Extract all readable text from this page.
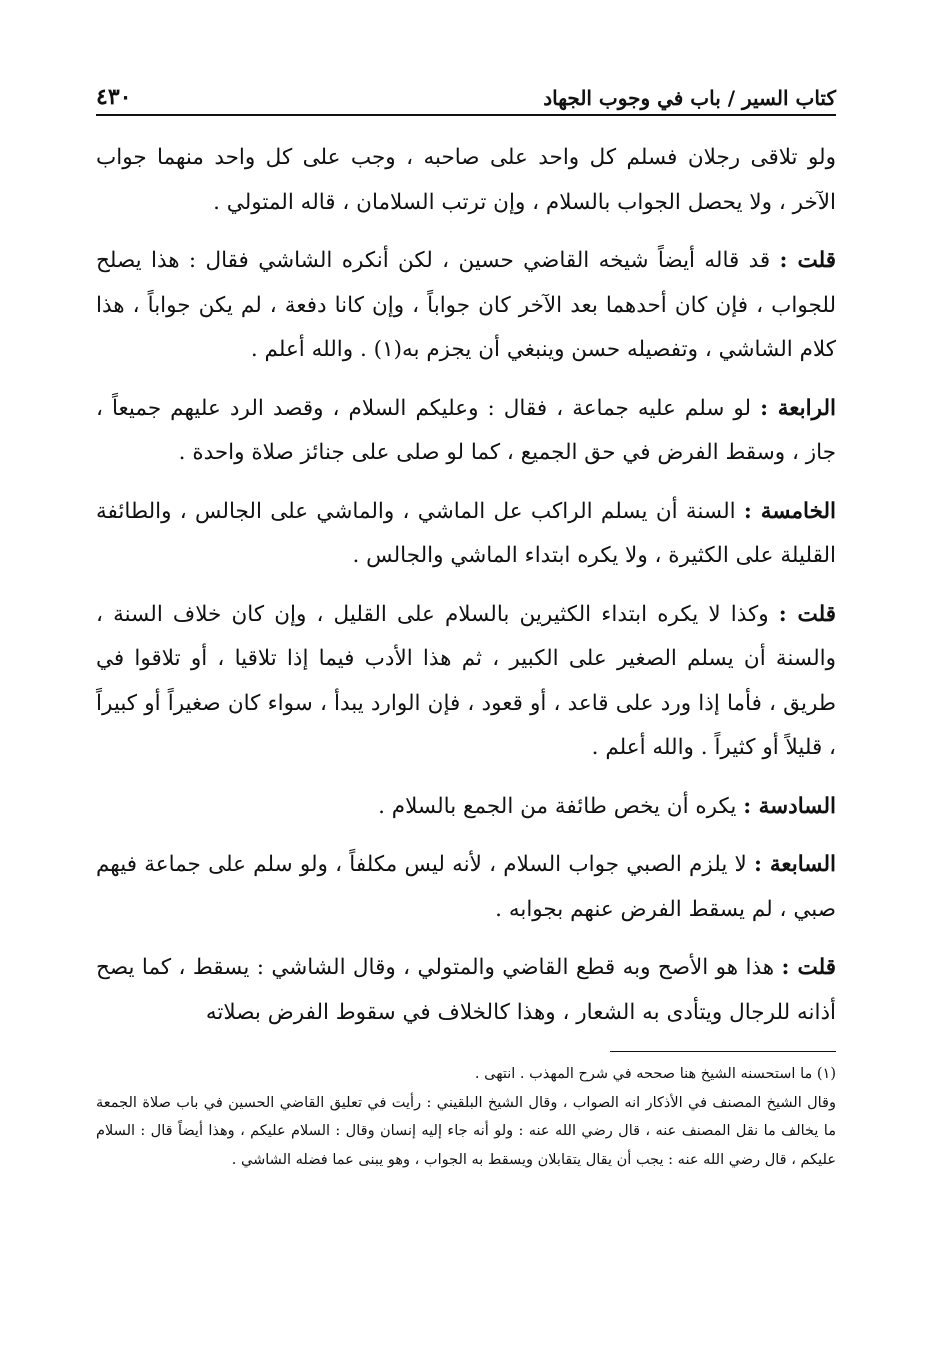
كتاب السير / باب في وجوب الجهاد
٤٣٠

ولو تلاقى رجلان فسلم كل واحد على صاحبه ، وجب على كل واحد منهما جواب الآخر ، ولا يحصل الجواب بالسلام ، وإن ترتب السلامان ، قاله المتولي .

قلت : قد قاله أيضاً شيخه القاضي حسين ، لكن أنكره الشاشي فقال : هذا يصلح للجواب ، فإن كان أحدهما بعد الآخر كان جواباً ، وإن كانا دفعة ، لم يكن جواباً ، هذا كلام الشاشي ، وتفصيله حسن وينبغي أن يجزم به(١) . والله أعلم .

الرابعة : لو سلم عليه جماعة ، فقال : وعليكم السلام ، وقصد الرد عليهم جميعاً ، جاز ، وسقط الفرض في حق الجميع ، كما لو صلى على جنائز صلاة واحدة .

الخامسة : السنة أن يسلم الراكب عل الماشي ، والماشي على الجالس ، والطائفة القليلة على الكثيرة ، ولا يكره ابتداء الماشي والجالس .

قلت : وكذا لا يكره ابتداء الكثيرين بالسلام على القليل ، وإن كان خلاف السنة ، والسنة أن يسلم الصغير على الكبير ، ثم هذا الأدب فيما إذا تلاقيا ، أو تلاقوا في طريق ، فأما إذا ورد على قاعد ، أو قعود ، فإن الوارد يبدأ ، سواء كان صغيراً أو كبيراً ، قليلاً أو كثيراً . والله أعلم .

السادسة : يكره أن يخص طائفة من الجمع بالسلام .

السابعة : لا يلزم الصبي جواب السلام ، لأنه ليس مكلفاً ، ولو سلم على جماعة فيهم صبي ، لم يسقط الفرض عنهم بجوابه .

قلت : هذا هو الأصح وبه قطع القاضي والمتولي ، وقال الشاشي : يسقط ، كما يصح أذانه للرجال ويتأدى به الشعار ، وهذا كالخلاف في سقوط الفرض بصلاته

(١) ما استحسنه الشيخ هنا صححه في شرح المهذب . انتهى .

وقال الشيخ المصنف في الأذكار انه الصواب ، وقال الشيخ البلقيني : رأيت في تعليق القاضي الحسين في باب صلاة الجمعة ما يخالف ما نقل المصنف عنه ، قال رضي الله عنه : ولو أنه جاء إليه إنسان وقال : السلام عليكم ، وهذا أيضاً قال : السلام عليكم ، قال رضي الله عنه : يجب أن يقال يتقابلان ويسقط به الجواب ، وهو يبنى عما فضله الشاشي .
